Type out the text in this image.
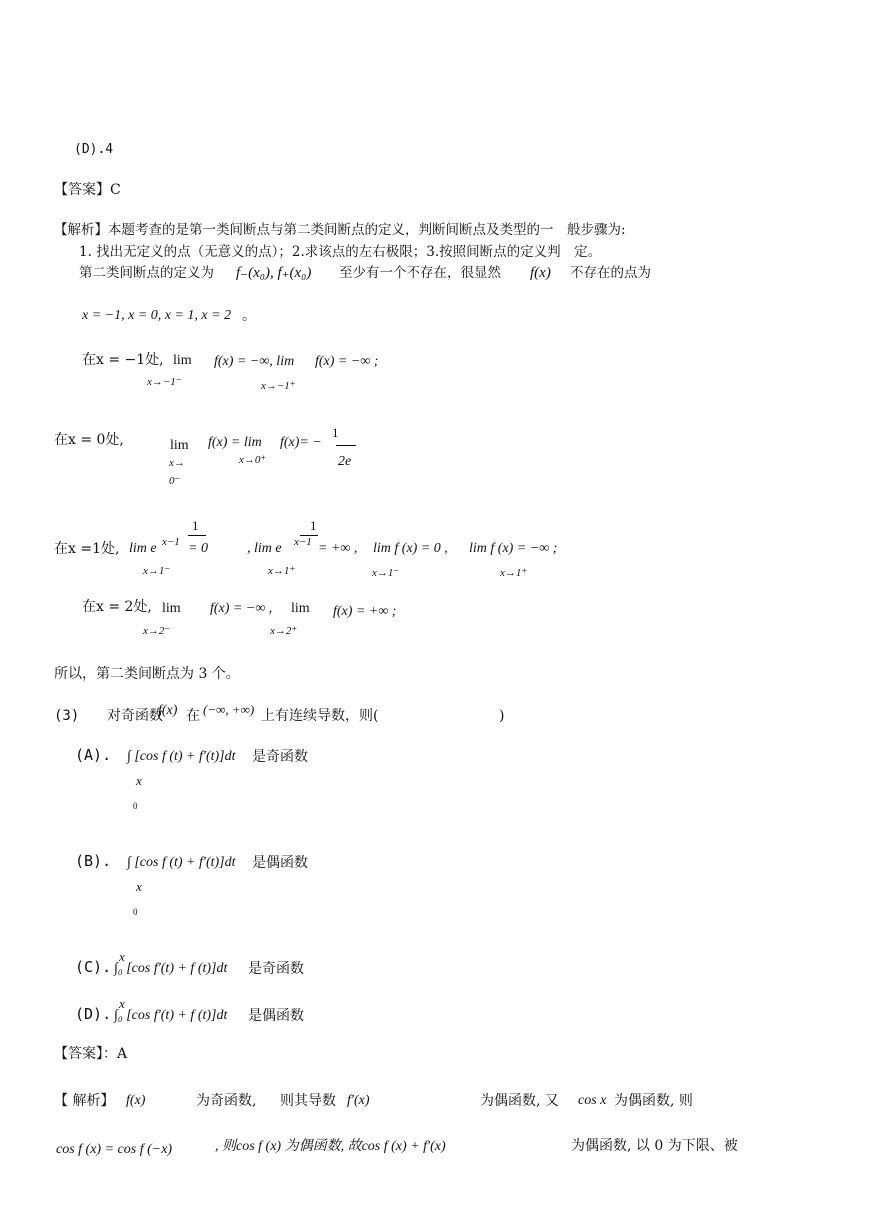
(D).4
【答案】C
【解析】本题考查的是第一类间断点与第二类间断点的定义，判断间断点及类型的一　般步骤为:
1. 找出无定义的点（无意义的点）；2.求该点的左右极限；3.按照间断点的定义判　定。
第二类间断点的定义为 f₋(x₀), f₊(x₀) 至少有一个不存在，很显然 f(x) 不存在的点为
x = −1, x = 0, x = 1, x = 2 。
在x = −1处, lim
x→−1⁻
f(x) = −∞, lim
x→−1⁺
f(x) = −∞ ;
在x = 0处,	lim
x→
0⁻
f(x) = lim
x→0⁺
f(x)= −
1
2e
在x =1处, lim e
1
x−1 = 0
x→1⁻
, lim e
1
x−1 = +∞ ,
x→1⁺
lim f (x) = 0 ,
x→1⁻
lim f (x) = −∞ ;
x→1⁺
在x = 2处, lim
x→2⁻
f(x) = −∞ , lim
x→2⁺
f(x) = +∞ ;
所以，第二类间断点为 3 个。
(3) 对奇函数
f(x) 在 (−∞, +∞) 上有连续导数，则(	)
(A). ∫ [cos f (t) + f′(t)]dt 是奇函数
x
0
(B). ∫ [cos f (t) + f′(t)]dt 是偶函数
x
0
x
(C). ∫₀ [cos f′(t) + f (t)]dt 是奇函数
x
(D). ∫₀ [cos f′(t) + f (t)]dt 是偶函数
【答案】：A
【 解析】 f(x)	为奇函数, 则其导数 f′(x)	为偶函数, 又 cos x 为偶函数, 则
cos f (x) = cos f (−x)	, 则cos f (x) 为偶函数, 故cos f (x) + f′(x)	为偶函数, 以 0 为下限、被
